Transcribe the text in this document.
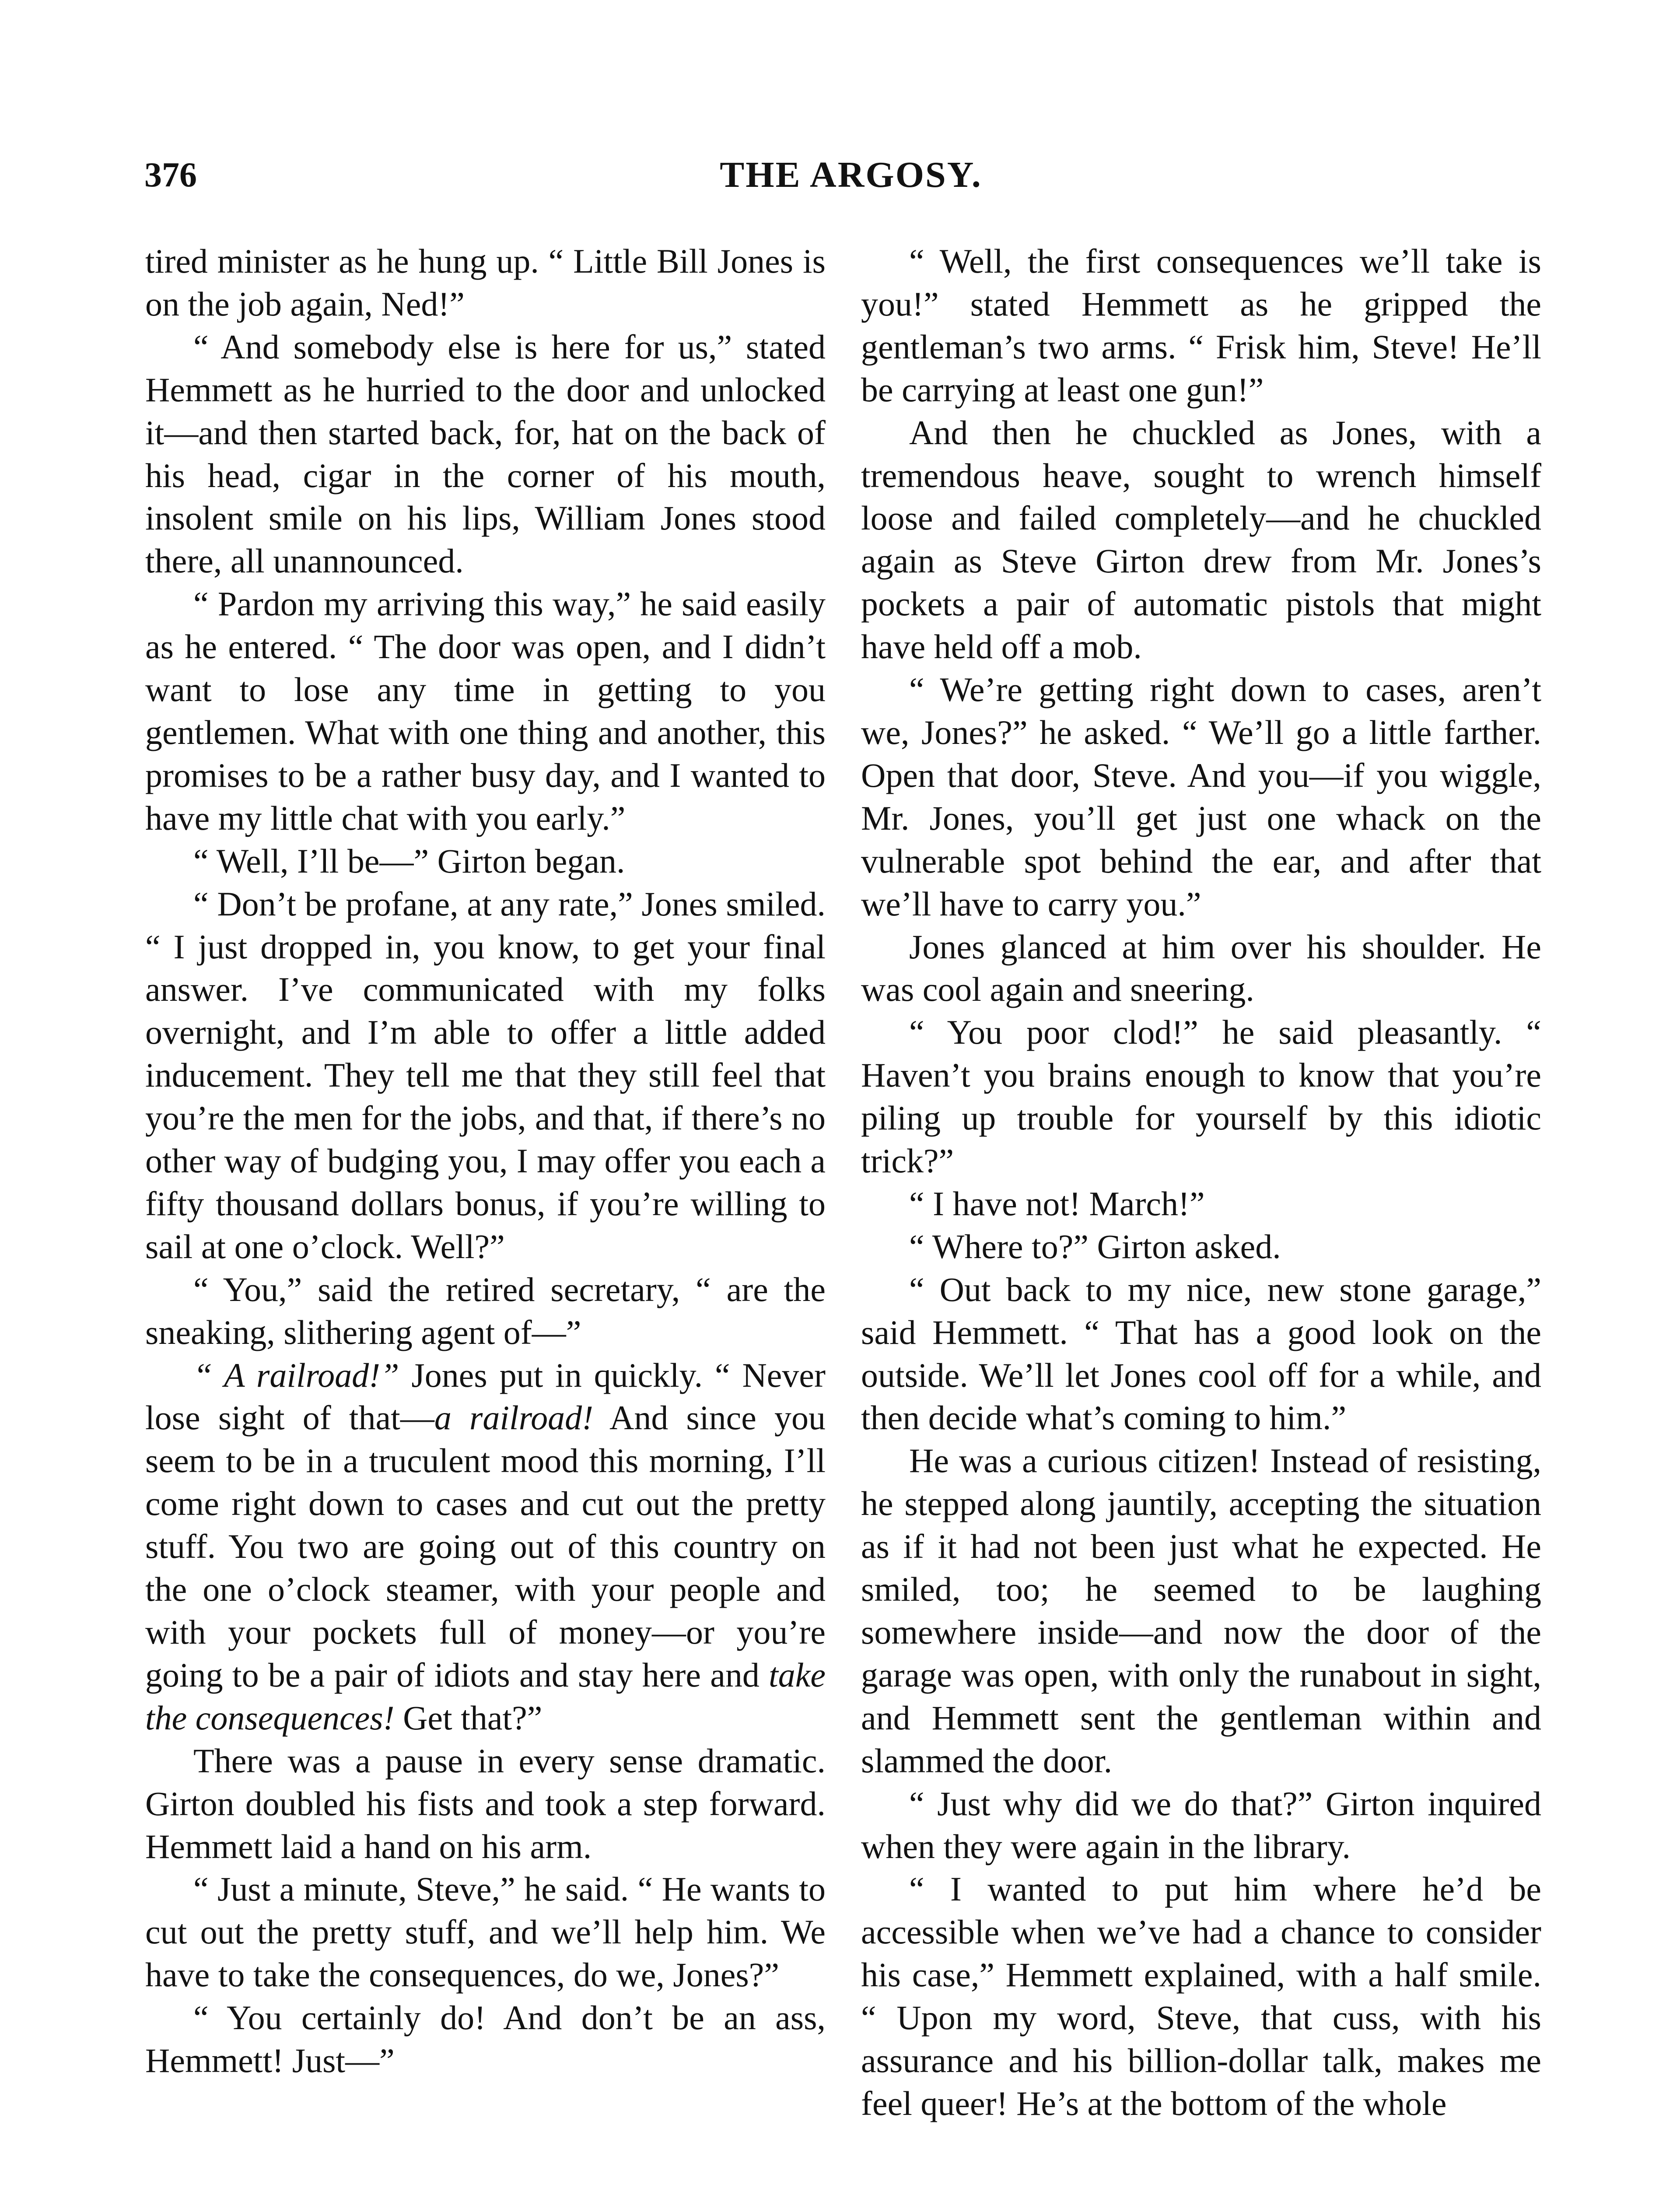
376	THE ARGOSY.

tired minister as he hung up. “ Little Bill Jones is on the job again, Ned!”

“ And somebody else is here for us,” stated Hemmett as he hurried to the door and unlocked it—and then started back, for, hat on the back of his head, cigar in the corner of his mouth, insolent smile on his lips, William Jones stood there, all unannounced.

“ Pardon my arriving this way,” he said easily as he entered. “ The door was open, and I didn’t want to lose any time in getting to you gentlemen. What with one thing and another, this promises to be a rather busy day, and I wanted to have my little chat with you early.”

“ Well, I’ll be—” Girton began.

“ Don’t be profane, at any rate,” Jones smiled. “ I just dropped in, you know, to get your final answer. I’ve communicated with my folks overnight, and I’m able to offer a little added inducement. They tell me that they still feel that you’re the men for the jobs, and that, if there’s no other way of budging you, I may offer you each a fifty thousand dollars bonus, if you’re willing to sail at one o’clock. Well?”

“ You,” said the retired secretary, “ are the sneaking, slithering agent of—”

“ A railroad!” Jones put in quickly. “ Never lose sight of that—a railroad! And since you seem to be in a truculent mood this morning, I’ll come right down to cases and cut out the pretty stuff. You two are going out of this country on the one o’clock steamer, with your people and with your pockets full of money—or you’re going to be a pair of idiots and stay here and take the consequences! Get that?”

There was a pause in every sense dramatic. Girton doubled his fists and took a step forward. Hemmett laid a hand on his arm.

“ Just a minute, Steve,” he said. “ He wants to cut out the pretty stuff, and we’ll help him. We have to take the consequences, do we, Jones?”

“ You certainly do! And don’t be an ass, Hemmett! Just—”

“ Well, the first consequences we’ll take is you!” stated Hemmett as he gripped the gentleman’s two arms. “ Frisk him, Steve! He’ll be carrying at least one gun!”

And then he chuckled as Jones, with a tremendous heave, sought to wrench himself loose and failed completely—and he chuckled again as Steve Girton drew from Mr. Jones’s pockets a pair of automatic pistols that might have held off a mob.

“ We’re getting right down to cases, aren’t we, Jones?” he asked. “ We’ll go a little farther. Open that door, Steve. And you—if you wiggle, Mr. Jones, you’ll get just one whack on the vulnerable spot behind the ear, and after that we’ll have to carry you.”

Jones glanced at him over his shoulder. He was cool again and sneering.

“ You poor clod!” he said pleasantly. “ Haven’t you brains enough to know that you’re piling up trouble for yourself by this idiotic trick?”

“ I have not! March!”

“ Where to?” Girton asked.

“ Out back to my nice, new stone garage,” said Hemmett. “ That has a good look on the outside. We’ll let Jones cool off for a while, and then decide what’s coming to him.”

He was a curious citizen! Instead of resisting, he stepped along jauntily, accepting the situation as if it had not been just what he expected. He smiled, too; he seemed to be laughing somewhere inside—and now the door of the garage was open, with only the runabout in sight, and Hemmett sent the gentleman within and slammed the door.

“ Just why did we do that?” Girton inquired when they were again in the library.

“ I wanted to put him where he’d be accessible when we’ve had a chance to consider his case,” Hemmett explained, with a half smile. “ Upon my word, Steve, that cuss, with his assurance and his billion-dollar talk, makes me feel queer! He’s at the bottom of the whole
